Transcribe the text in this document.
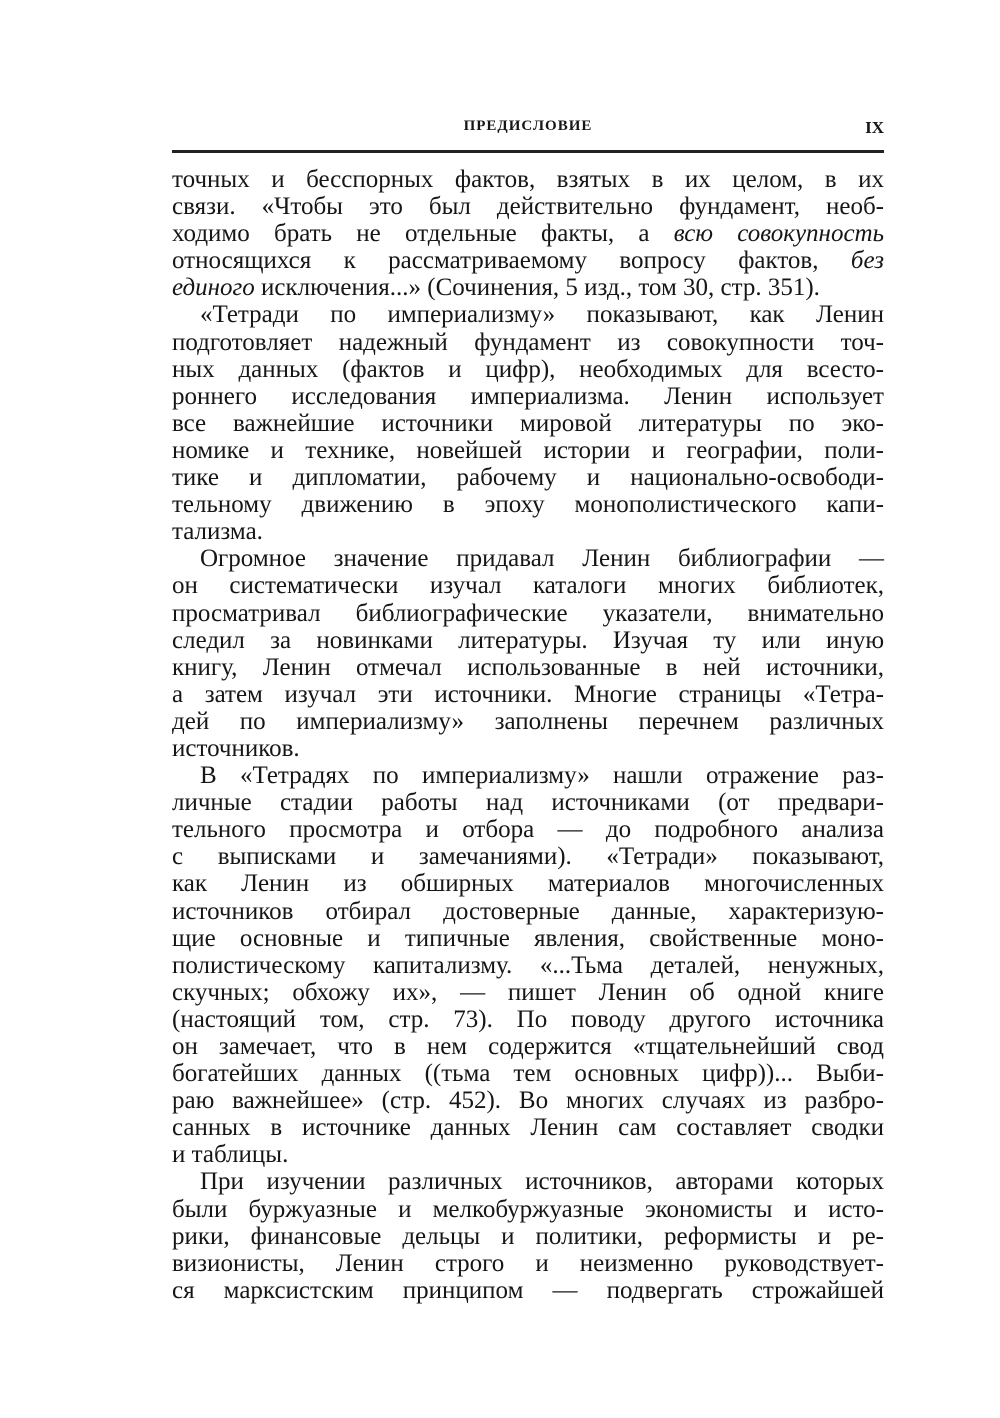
ПРЕДИСЛОВИЕ	IX
точных и бесспорных фактов, взятых в их целом, в их
связи. «Чтобы это был действительно фундамент, необ-
ходимо брать не отдельные факты, а всю совокупность
относящихся к рассматриваемому вопросу фактов, без
единого исключения...» (Сочинения, 5 изд., том 30, стр. 351).
«Тетради по империализму» показывают, как Ленин
подготовляет надежный фундамент из совокупности точ-
ных данных (фактов и цифр), необходимых для всесто-
роннего исследования империализма. Ленин использует
все важнейшие источники мировой литературы по эко-
номике и технике, новейшей истории и географии, поли-
тике и дипломатии, рабочему и национально-освободи-
тельному движению в эпоху монополистического капи-
тализма.
Огромное значение придавал Ленин библиографии —
он систематически изучал каталоги многих библиотек,
просматривал библиографические указатели, внимательно
следил за новинками литературы. Изучая ту или иную
книгу, Ленин отмечал использованные в ней источники,
а затем изучал эти источники. Многие страницы «Тетра-
дей по империализму» заполнены перечнем различных
источников.
В «Тетрадях по империализму» нашли отражение раз-
личные стадии работы над источниками (от предвари-
тельного просмотра и отбора — до подробного анализа
с выписками и замечаниями). «Тетради» показывают,
как Ленин из обширных материалов многочисленных
источников отбирал достоверные данные, характеризую-
щие основные и типичные явления, свойственные моно-
полистическому капитализму. «...Тьма деталей, ненужных,
скучных; обхожу их», — пишет Ленин об одной книге
(настоящий том, стр. 73). По поводу другого источника
он замечает, что в нем содержится «тщательнейший свод
богатейших данных ((тьма тем основных цифр))... Выби-
раю важнейшее» (стр. 452). Во многих случаях из разбро-
санных в источнике данных Ленин сам составляет сводки
и таблицы.
При изучении различных источников, авторами которых
были буржуазные и мелкобуржуазные экономисты и исто-
рики, финансовые дельцы и политики, реформисты и ре-
визионисты, Ленин строго и неизменно руководствует-
ся марксистским принципом — подвергать строжайшей
